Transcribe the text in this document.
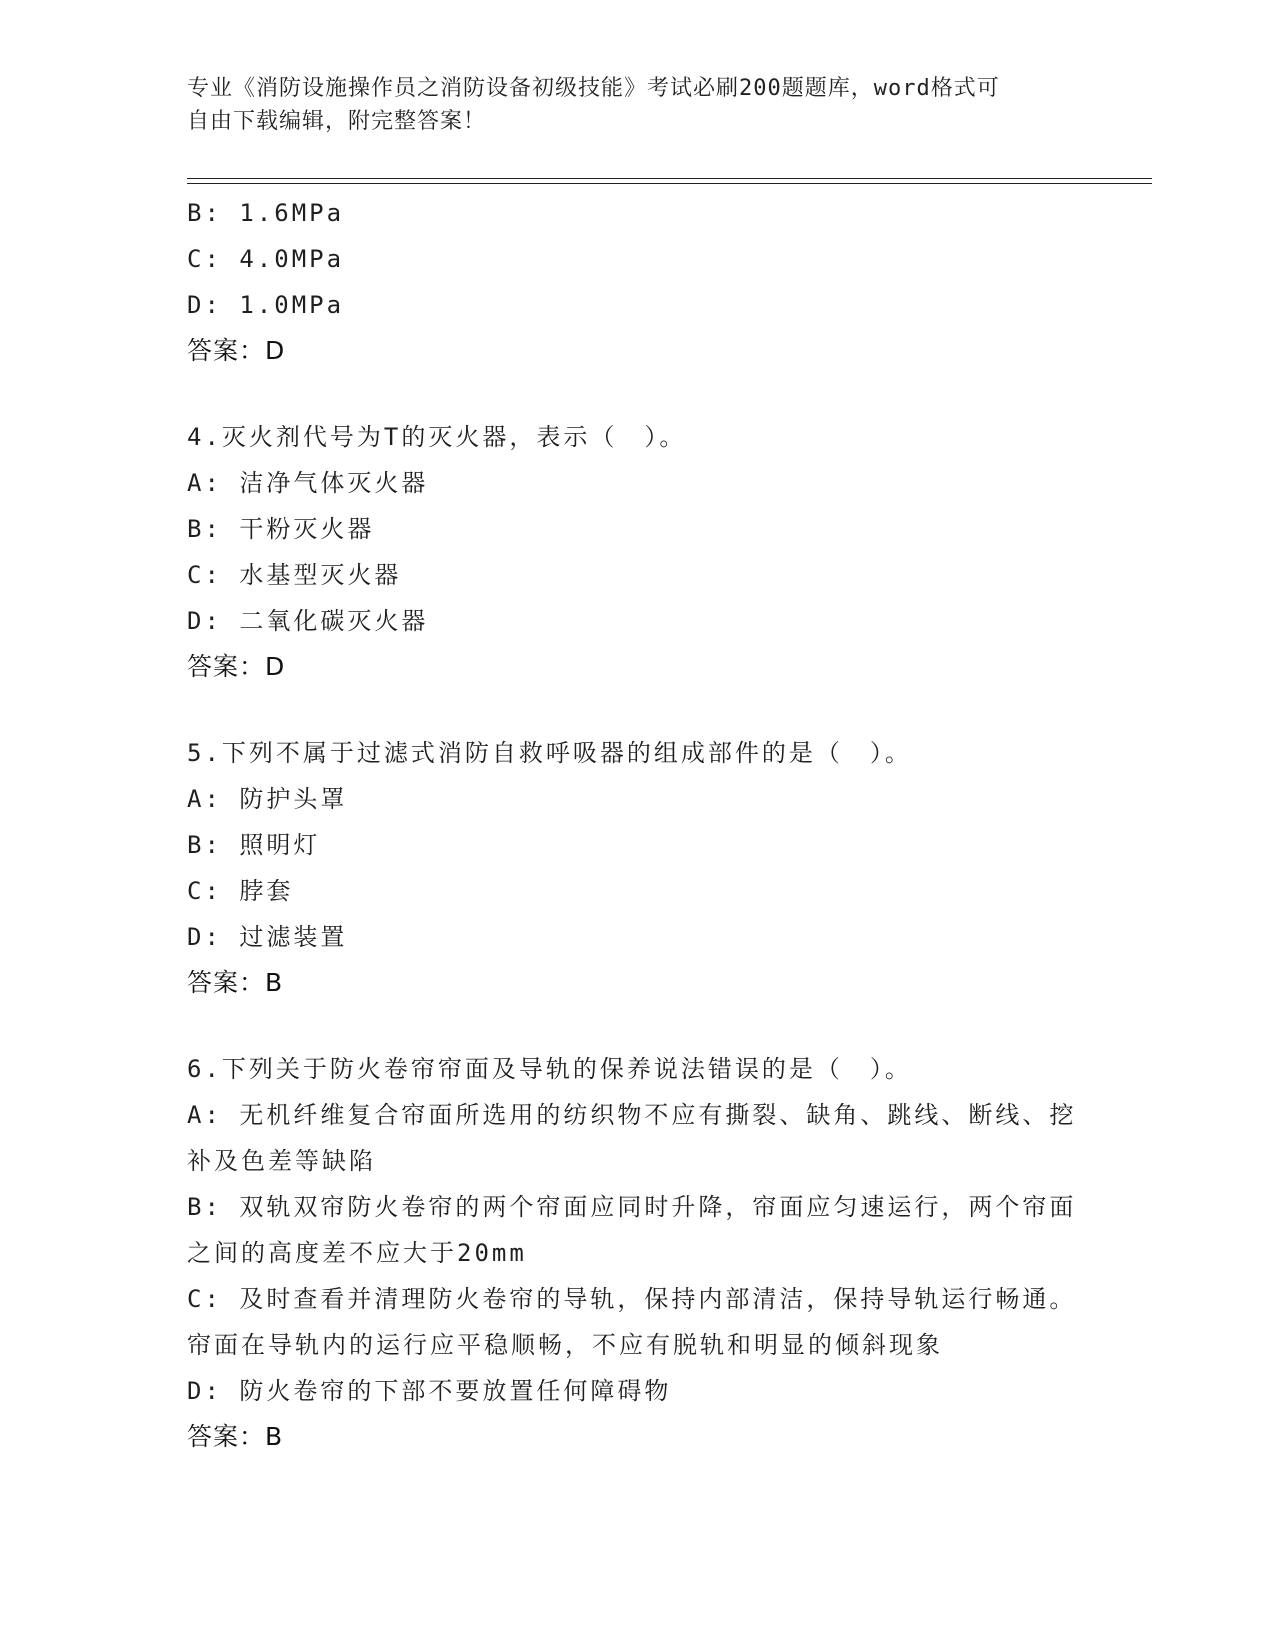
专业《消防设施操作员之消防设备初级技能》考试必刷200题题库，word格式可
自由下载编辑，附完整答案！
B: 1.6MPa
C: 4.0MPa
D: 1.0MPa
答案：D
4.灭火剂代号为T的灭火器，表示（　）。
A: 洁净气体灭火器
B: 干粉灭火器
C: 水基型灭火器
D: 二氧化碳灭火器
答案：D
5.下列不属于过滤式消防自救呼吸器的组成部件的是（　）。
A: 防护头罩
B: 照明灯
C: 脖套
D: 过滤装置
答案：B
6.下列关于防火卷帘帘面及导轨的保养说法错误的是（　）。
A: 无机纤维复合帘面所选用的纺织物不应有撕裂、缺角、跳线、断线、挖补及色差等缺陷
B: 双轨双帘防火卷帘的两个帘面应同时升降，帘面应匀速运行，两个帘面之间的高度差不应大于20mm
C: 及时查看并清理防火卷帘的导轨，保持内部清洁，保持导轨运行畅通。帘面在导轨内的运行应平稳顺畅，不应有脱轨和明显的倾斜现象
D: 防火卷帘的下部不要放置任何障碍物
答案：B
